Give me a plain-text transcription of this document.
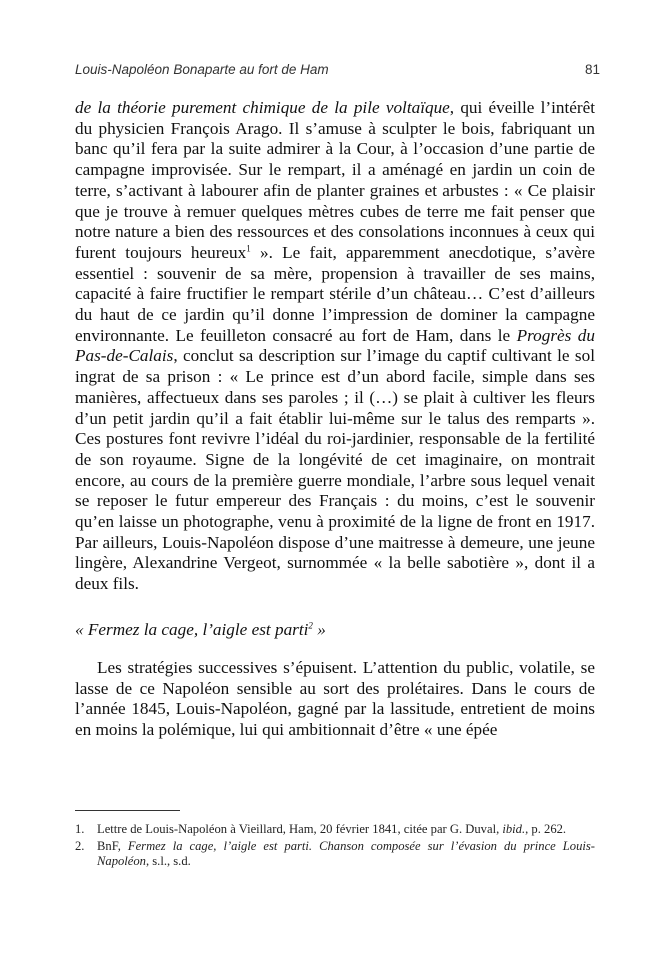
Louis-Napoléon Bonaparte au fort de Ham	81

de la théorie purement chimique de la pile voltaïque, qui éveille l’intérêt du physicien François Arago. Il s’amuse à sculpter le bois, fabriquant un banc qu’il fera par la suite admirer à la Cour, à l’occasion d’une partie de campagne improvisée. Sur le rempart, il a aménagé en jardin un coin de terre, s’activant à labourer afin de planter graines et arbustes : « Ce plaisir que je trouve à remuer quelques mètres cubes de terre me fait penser que notre nature a bien des ressources et des consolations inconnues à ceux qui furent toujours heureux$^1$ ». Le fait, apparemment anecdotique, s’avère essentiel : souvenir de sa mère, propension à travailler de ses mains, capacité à faire fructifier le rempart stérile d’un château… C’est d’ailleurs du haut de ce jardin qu’il donne l’impression de dominer la campagne environnante. Le feuilleton consacré au fort de Ham, dans le Progrès du Pas-de-Calais, conclut sa description sur l’image du captif cultivant le sol ingrat de sa prison : « Le prince est d’un abord facile, simple dans ses manières, affectueux dans ses paroles ; il (…) se plait à cultiver les fleurs d’un petit jardin qu’il a fait établir lui-même sur le talus des remparts ». Ces postures font revivre l’idéal du roi-jardinier, responsable de la fertilité de son royaume. Signe de la longévité de cet imaginaire, on montrait encore, au cours de la première guerre mondiale, l’arbre sous lequel venait se reposer le futur empereur des Français : du moins, c’est le souvenir qu’en laisse un photographe, venu à proximité de la ligne de front en 1917. Par ailleurs, Louis-Napoléon dispose d’une maitresse à demeure, une jeune lingère, Alexandrine Vergeot, surnommée « la belle sabotière », dont il a deux fils.

« Fermez la cage, l’aigle est parti$^2$ »

Les stratégies successives s’épuisent. L’attention du public, volatile, se lasse de ce Napoléon sensible au sort des prolétaires. Dans le cours de l’année 1845, Louis-Napoléon, gagné par la lassitude, entretient de moins en moins la polémique, lui qui ambitionnait d’être « une épée

1. Lettre de Louis-Napoléon à Vieillard, Ham, 20 février 1841, citée par G. Duval, ibid., p. 262.
2. BnF, Fermez la cage, l’aigle est parti. Chanson composée sur l’évasion du prince Louis-Napoléon, s.l., s.d.
